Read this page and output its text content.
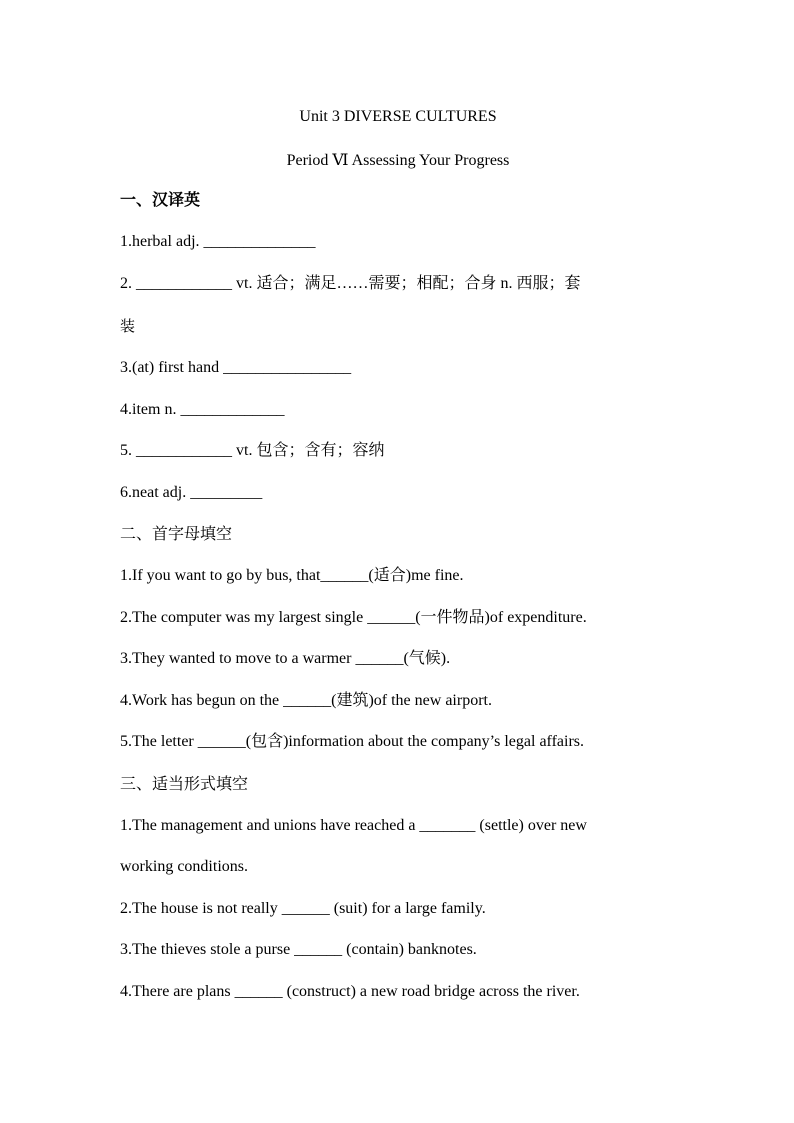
Unit 3 DIVERSE CULTURES
Period Ⅵ Assessing Your Progress
一、汉译英
1.herbal adj. ______________
2. ____________ vt. 适合；满足……需要；相配；合身 n. 西服；套
装
3.(at) first hand ________________
4.item n. _____________
5. ____________ vt. 包含；含有；容纳
6.neat adj. _________
二、首字母填空
1.If you want to go by bus, that______(适合)me fine.
2.The computer was my largest single ______(一件物品)of expenditure.
3.They wanted to move to a warmer ______(气候).
4.Work has begun on the ______(建筑)of the new airport.
5.The letter ______(包含)information about the company’s legal affairs.
三、适当形式填空
1.The management and unions have reached a _______ (settle) over new
working conditions.
2.The house is not really ______ (suit) for a large family.
3.The thieves stole a purse ______ (contain) banknotes.
4.There are plans ______ (construct) a new road bridge across the river.
